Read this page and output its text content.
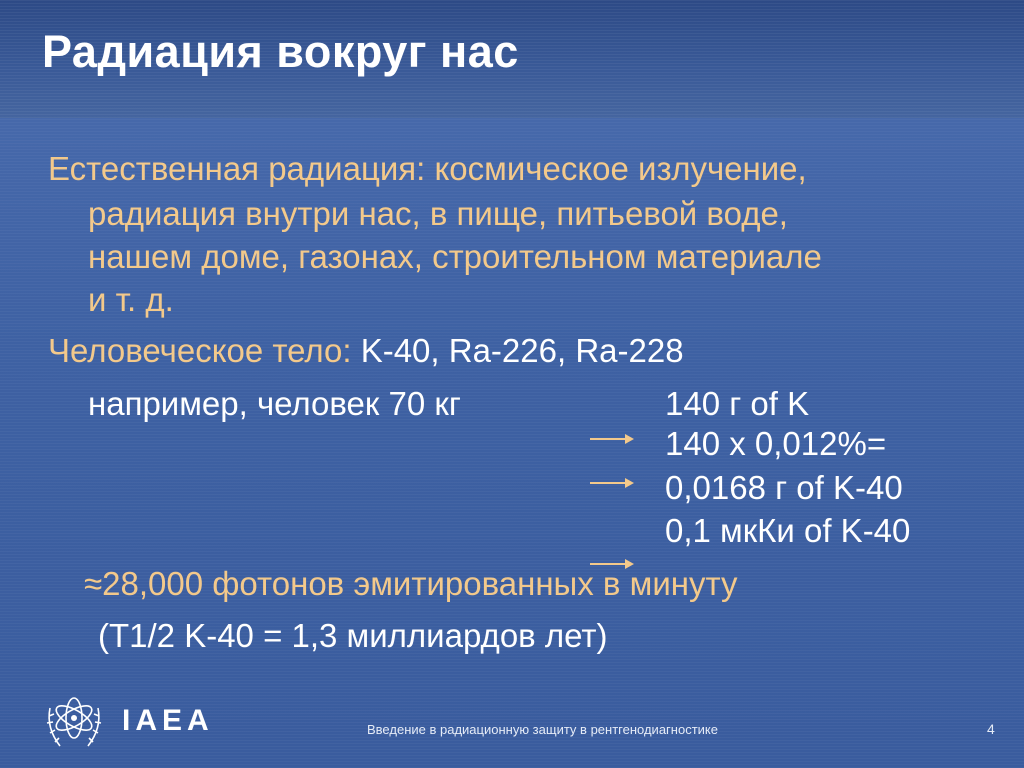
Радиация вокруг нас
Естественная радиация: космическое излучение,
радиация внутри нас, в пище, питьевой воде,
нашем доме, газонах, строительном материале
и т. д.
Человеческое тело: K-40, Ra-226, Ra-228
например, человек 70 кг	140 г of K
140 x 0,012%=
0,0168 г of K-40
0,1 мкКи of K-40
≈28,000 фотонов эмитированных в минуту
(T1/2 K-40 = 1,3 миллиардов лет)
IAEA	Введение в радиационную защиту в рентгенодиагностике	4
